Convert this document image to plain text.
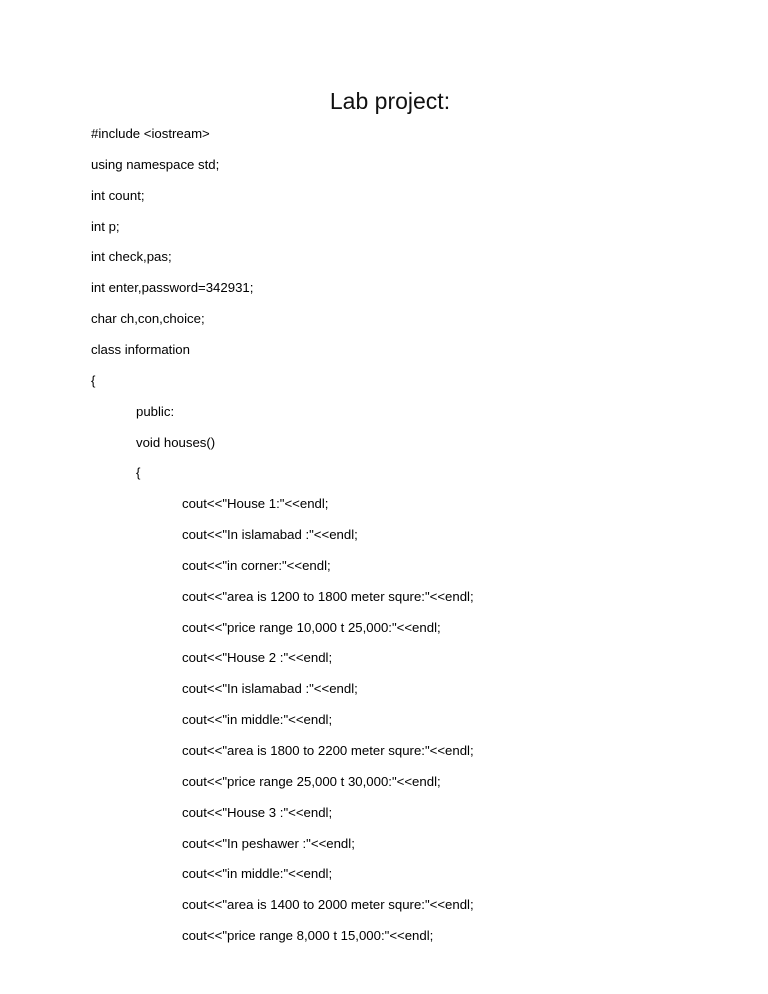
Lab project:
#include <iostream>
using namespace std;
int count;
int p;
int check,pas;
int enter,password=342931;
char ch,con,choice;
class information
{
public:
void houses()
{
cout<<"House 1:"<<endl;
cout<<"In islamabad :"<<endl;
cout<<"in corner:"<<endl;
cout<<"area is 1200 to 1800 meter squre:"<<endl;
cout<<"price range 10,000 t 25,000:"<<endl;
cout<<"House 2 :"<<endl;
cout<<"In islamabad :"<<endl;
cout<<"in middle:"<<endl;
cout<<"area is 1800 to 2200 meter squre:"<<endl;
cout<<"price range 25,000 t 30,000:"<<endl;
cout<<"House 3 :"<<endl;
cout<<"In peshawer :"<<endl;
cout<<"in middle:"<<endl;
cout<<"area is 1400 to 2000 meter squre:"<<endl;
cout<<"price range 8,000 t 15,000:"<<endl;
